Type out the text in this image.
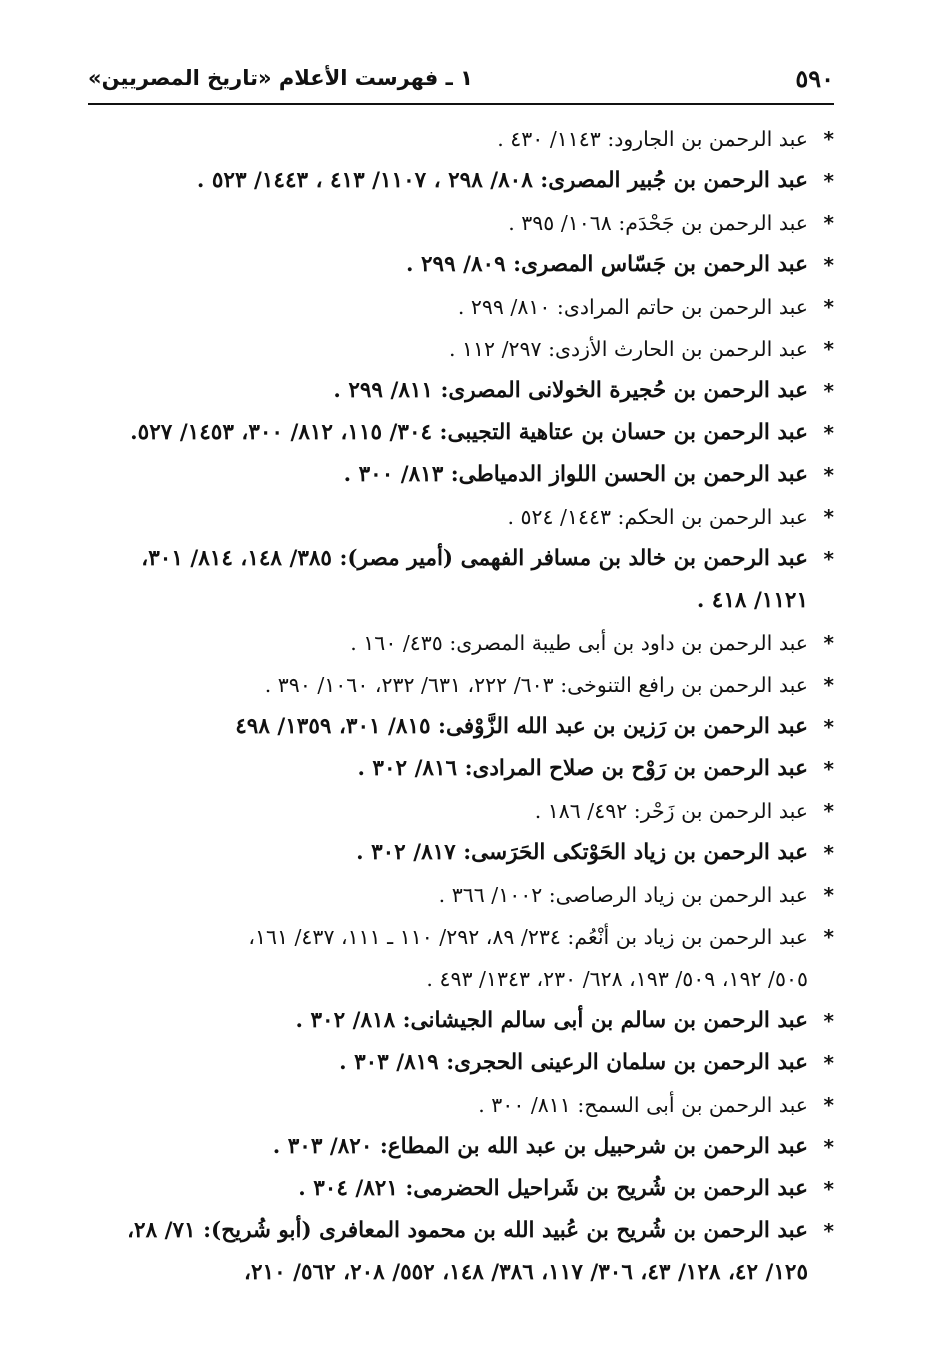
٥٩٠
١ ـ فهرست الأعلام «تاريخ المصريين»
*
عبد الرحمن بن الجارود: ١١٤٣/ ٤٣٠ .
*
عبد الرحمن بن جُبير المصرى: ٨٠٨/ ٢٩٨ ، ١١٠٧/ ٤١٣ ، ١٤٤٣/ ٥٢٣ .
*
عبد الرحمن بن جَحْدَم: ١٠٦٨/ ٣٩٥ .
*
عبد الرحمن بن جَسّاس المصرى: ٨٠٩/ ٢٩٩ .
*
عبد الرحمن بن حاتم المرادى: ٨١٠/ ٢٩٩ .
*
عبد الرحمن بن الحارث الأزدى: ٢٩٧/ ١١٢ .
*
عبد الرحمن بن حُجيرة الخولانى المصرى: ٨١١/ ٢٩٩ .
*
عبد الرحمن بن حسان بن عتاهية التجيبى: ٣٠٤/ ١١٥، ٨١٢/ ٣٠٠، ١٤٥٣/ ٥٢٧.
*
عبد الرحمن بن الحسن اللواز الدمياطى: ٨١٣/ ٣٠٠ .
*
عبد الرحمن بن الحكم: ١٤٤٣/ ٥٢٤ .
*
عبد الرحمن بن خالد بن مسافر الفهمى (أمير مصر): ٣٨٥/ ١٤٨، ٨١٤/ ٣٠١،
١١٢١/ ٤١٨ .
*
عبد الرحمن بن داود بن أبى طيبة المصرى: ٤٣٥/ ١٦٠ .
*
عبد الرحمن بن رافع التنوخى: ٦٠٣/ ٢٢٢، ٦٣١/ ٢٣٢، ١٠٦٠/ ٣٩٠ .
*
عبد الرحمن بن رَزين بن عبد الله الزَّوْفى: ٨١٥/ ٣٠١، ١٣٥٩/ ٤٩٨
*
عبد الرحمن بن رَوْح بن صلاح المرادى: ٨١٦/ ٣٠٢ .
*
عبد الرحمن بن زَحْر: ٤٩٢/ ١٨٦ .
*
عبد الرحمن بن زياد الحَوْتكى الحَرَسى: ٨١٧/ ٣٠٢ .
*
عبد الرحمن بن زياد الرصاصى: ١٠٠٢/ ٣٦٦ .
*
عبد الرحمن بن زياد بن أنْعُم: ٢٣٤/ ٨٩، ٢٩٢/ ١١٠ ـ ١١١، ٤٣٧/ ١٦١،
٥٠٥/ ١٩٢، ٥٠٩/ ١٩٣، ٦٢٨/ ٢٣٠، ١٣٤٣/ ٤٩٣ .
*
عبد الرحمن بن سالم بن أبى سالم الجيشانى: ٨١٨/ ٣٠٢ .
*
عبد الرحمن بن سلمان الرعينى الحجرى: ٨١٩/ ٣٠٣ .
*
عبد الرحمن بن أبى السمح: ٨١١/ ٣٠٠ .
*
عبد الرحمن بن شرحبيل بن عبد الله بن المطاع: ٨٢٠/ ٣٠٣ .
*
عبد الرحمن بن شُريح بن شَراحيل الحضرمى: ٨٢١/ ٣٠٤ .
*
عبد الرحمن بن شُريح بن عُبيد الله بن محمود المعافرى (أبو شُريح): ٧١/ ٢٨،
١٢٥/ ٤٢، ١٢٨/ ٤٣، ٣٠٦/ ١١٧، ٣٨٦/ ١٤٨، ٥٥٢/ ٢٠٨، ٥٦٢/ ٢١٠،
